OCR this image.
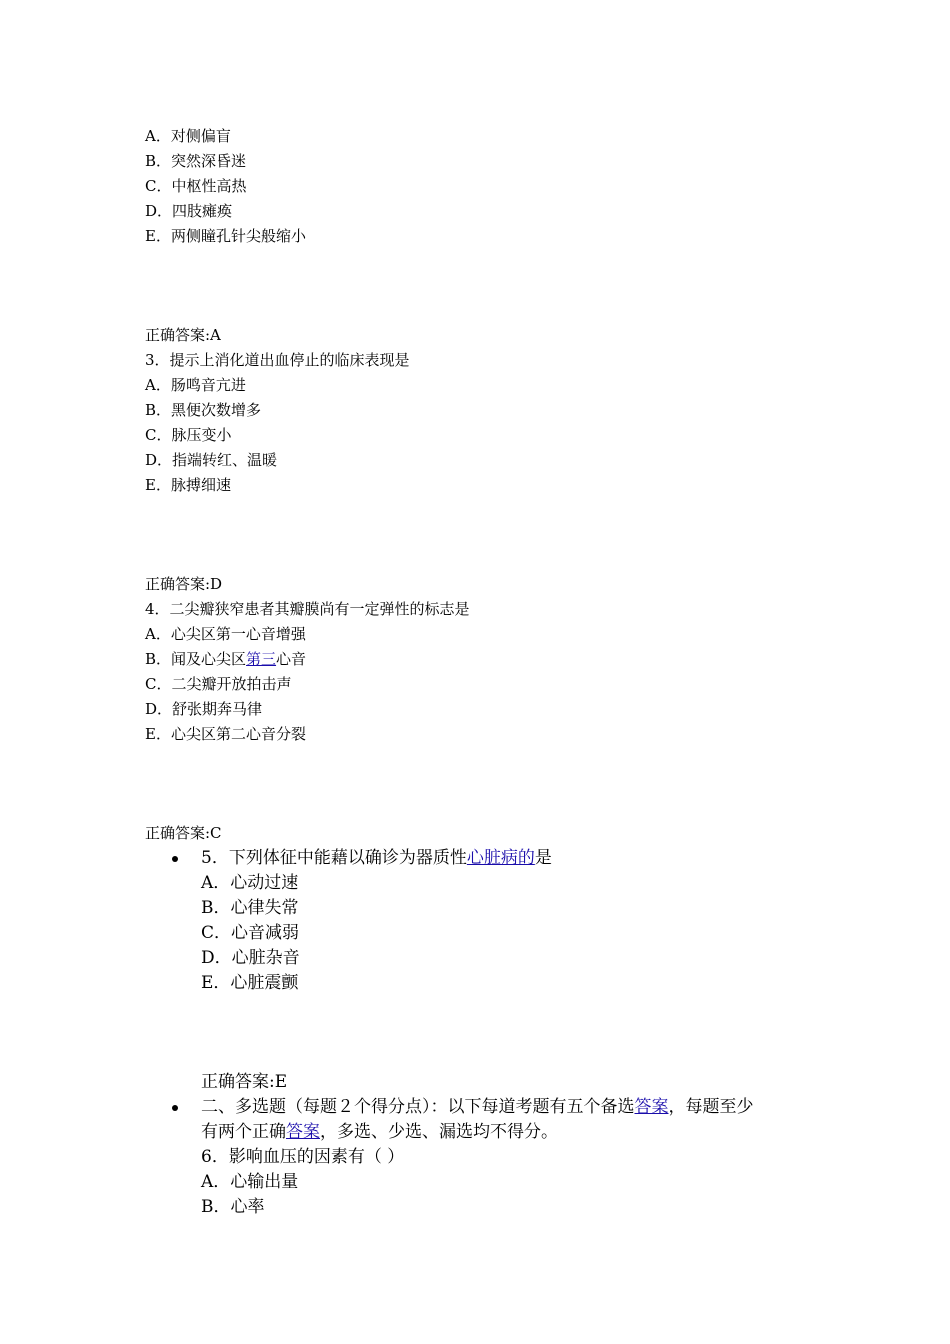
A．对侧偏盲
B．突然深昏迷
C．中枢性高热
D．四肢瘫痪
E．两侧瞳孔针尖般缩小
正确答案:A
3．提示上消化道出血停止的临床表现是
A．肠鸣音亢进
B．黑便次数增多
C．脉压变小
D．指端转红、温暖
E．脉搏细速
正确答案:D
4．二尖瓣狭窄患者其瓣膜尚有一定弹性的标志是
A．心尖区第一心音增强
B．闻及心尖区第三心音
C．二尖瓣开放拍击声
D．舒张期奔马律
E．心尖区第二心音分裂
正确答案:C
5．下列体征中能藉以确诊为器质性心脏病的是
A．心动过速
B．心律失常
C．心音减弱
D．心脏杂音
E．心脏震颤
正确答案:E
二、多选题（每题２个得分点）：以下每道考题有五个备选答案，每题至少
有两个正确答案，多选、少选、漏选均不得分。
6．影响血压的因素有（ ）
A．心输出量
B．心率
